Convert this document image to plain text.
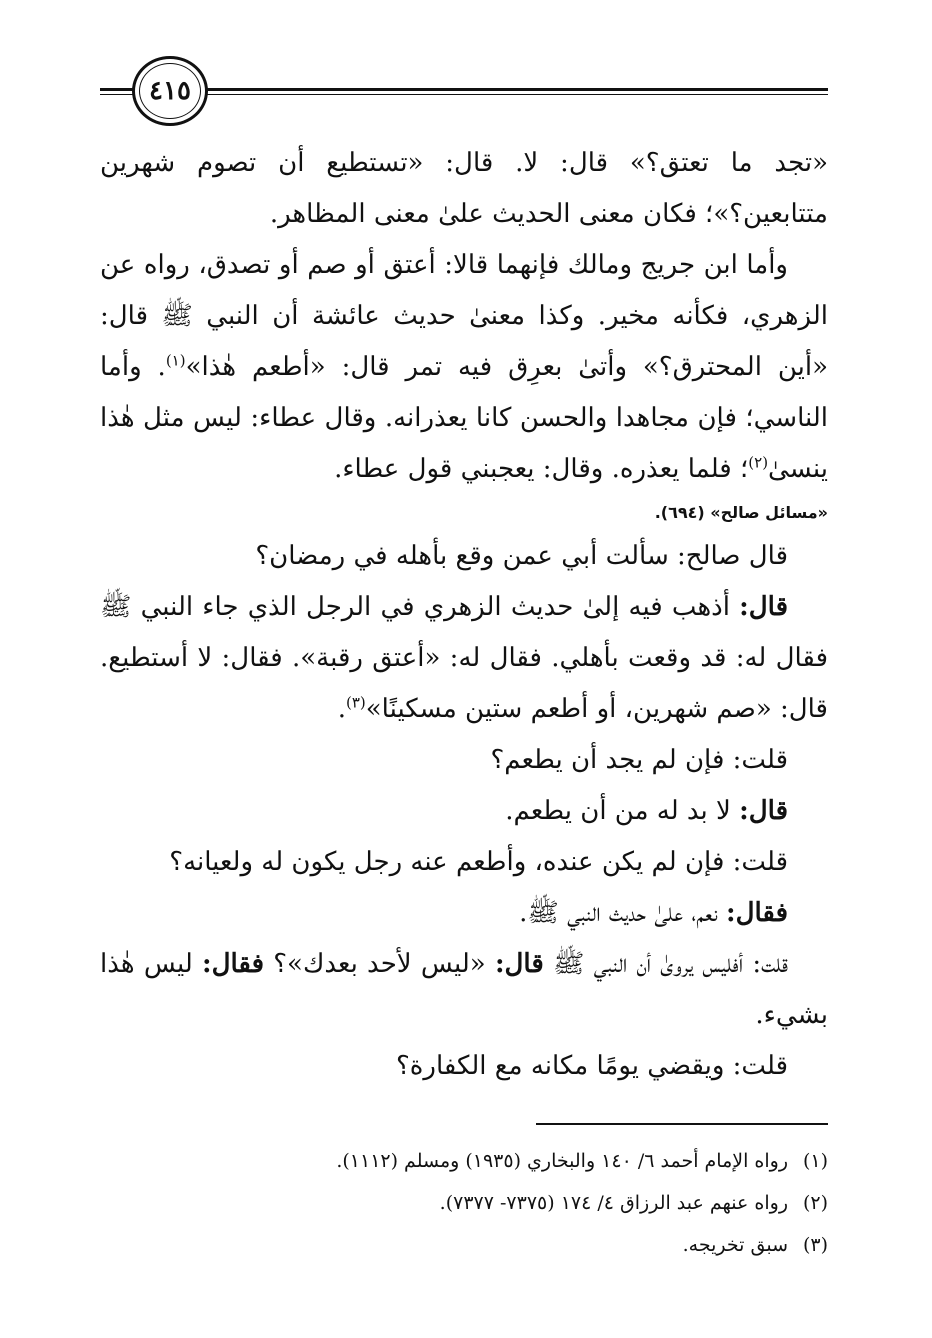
٤١٥

«تجد ما تعتق؟» قال: لا. قال: «تستطيع أن تصوم شهرين متتابعين؟»؛ فكان معنى الحديث علىٰ معنى المظاهر.

وأما ابن جريج ومالك فإنهما قالا: أعتق أو صم أو تصدق، رواه عن الزهري، فكأنه مخير. وكذا معنىٰ حديث عائشة أن النبي ﷺ قال: «أين المحترق؟» وأتىٰ بعرِق فيه تمر قال: «أطعم هٰذا»$^{(١)}$. وأما الناسي؛ فإن مجاهدا والحسن كانا يعذرانه. وقال عطاء: ليس مثل هٰذا ينسىٰ$^{(٢)}$؛ فلما يعذره. وقال: يعجبني قول عطاء.

«مسائل صالح» (٦٩٤).

قال صالح: سألت أبي عمن وقع بأهله في رمضان؟

قال: أذهب فيه إلىٰ حديث الزهري في الرجل الذي جاء النبي ﷺ فقال له: قد وقعت بأهلي. فقال له: «أعتق رقبة». فقال: لا أستطيع. قال: «صم شهرين، أو أطعم ستين مسكينًا»$^{(٣)}$.

قلت: فإن لم يجد أن يطعم؟

قال: لا بد له من أن يطعم.

قلت: فإن لم يكن عنده، وأطعم عنه رجل يكون له ولعيانه؟

فقال: نعم، علىٰ حديث النبي ﷺ.

قلت: أفليس يروىٰ أن النبي ﷺ قال: «ليس لأحد بعدك»؟ فقال: ليس هٰذا بشيء.

قلت: ويقضي يومًا مكانه مع الكفارة؟

(١)رواه الإمام أحمد ٦/ ١٤٠ والبخاري (١٩٣٥) ومسلم (١١١٢).

(٢)رواه عنهم عبد الرزاق ٤/ ١٧٤ (٧٣٧٥- ٧٣٧٧).

(٣)سبق تخريجه.
